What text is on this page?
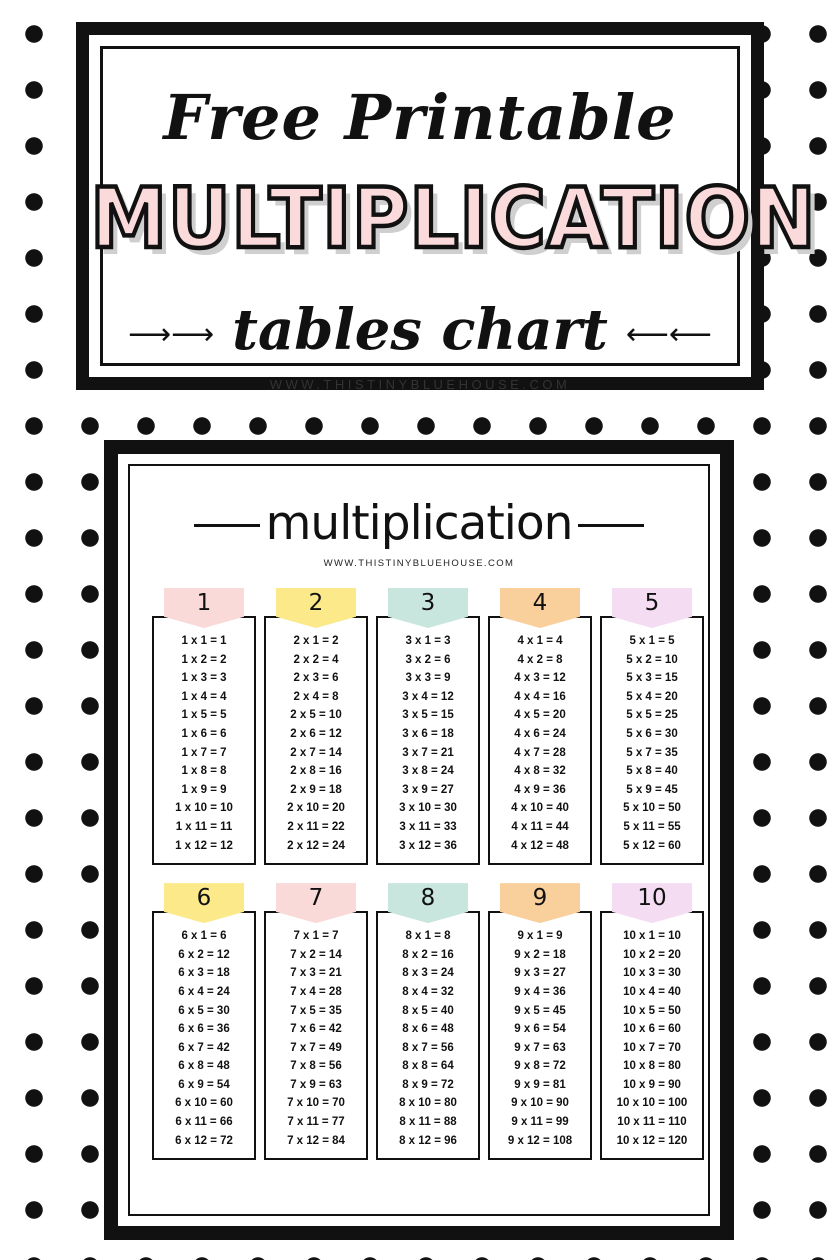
Free Printable
MULTIPLICATION
⟶⟶ tables chart ⟵⟵
WWW.THISTINYBLUEHOUSE.COM
multiplication
WWW.THISTINYBLUEHOUSE.COM
1
1 x 1 = 1
1 x 2 = 2
1 x 3 = 3
1 x 4 = 4
1 x 5 = 5
1 x 6 = 6
1 x 7 = 7
1 x 8 = 8
1 x 9 = 9
1 x 10 = 10
1 x 11 = 11
1 x 12 = 12
2
2 x 1 = 2
2 x 2 = 4
2 x 3 = 6
2 x 4 = 8
2 x 5 = 10
2 x 6 = 12
2 x 7 = 14
2 x 8 = 16
2 x 9 = 18
2 x 10 = 20
2 x 11 = 22
2 x 12 = 24
3
3 x 1 = 3
3 x 2 = 6
3 x 3 = 9
3 x 4 = 12
3 x 5 = 15
3 x 6 = 18
3 x 7 = 21
3 x 8 = 24
3 x 9 = 27
3 x 10 = 30
3 x 11 = 33
3 x 12 = 36
4
4 x 1 = 4
4 x 2 = 8
4 x 3 = 12
4 x 4 = 16
4 x 5 = 20
4 x 6 = 24
4 x 7 = 28
4 x 8 = 32
4 x 9 = 36
4 x 10 = 40
4 x 11 = 44
4 x 12 = 48
5
5 x 1 = 5
5 x 2 = 10
5 x 3 = 15
5 x 4 = 20
5 x 5 = 25
5 x 6 = 30
5 x 7 = 35
5 x 8 = 40
5 x 9 = 45
5 x 10 = 50
5 x 11 = 55
5 x 12 = 60
6
6 x 1 = 6
6 x 2 = 12
6 x 3 = 18
6 x 4 = 24
6 x 5 = 30
6 x 6 = 36
6 x 7 = 42
6 x 8 = 48
6 x 9 = 54
6 x 10 = 60
6 x 11 = 66
6 x 12 = 72
7
7 x 1 = 7
7 x 2 = 14
7 x 3 = 21
7 x 4 = 28
7 x 5 = 35
7 x 6 = 42
7 x 7 = 49
7 x 8 = 56
7 x 9 = 63
7 x 10 = 70
7 x 11 = 77
7 x 12 = 84
8
8 x 1 = 8
8 x 2 = 16
8 x 3 = 24
8 x 4 = 32
8 x 5 = 40
8 x 6 = 48
8 x 7 = 56
8 x 8 = 64
8 x 9 = 72
8 x 10 = 80
8 x 11 = 88
8 x 12 = 96
9
9 x 1 = 9
9 x 2 = 18
9 x 3 = 27
9 x 4 = 36
9 x 5 = 45
9 x 6 = 54
9 x 7 = 63
9 x 8 = 72
9 x 9 = 81
9 x 10 = 90
9 x 11 = 99
9 x 12 = 108
10
10 x 1 = 10
10 x 2 = 20
10 x 3 = 30
10 x 4 = 40
10 x 5 = 50
10 x 6 = 60
10 x 7 = 70
10 x 8 = 80
10 x 9 = 90
10 x 10 = 100
10 x 11 = 110
10 x 12 = 120
